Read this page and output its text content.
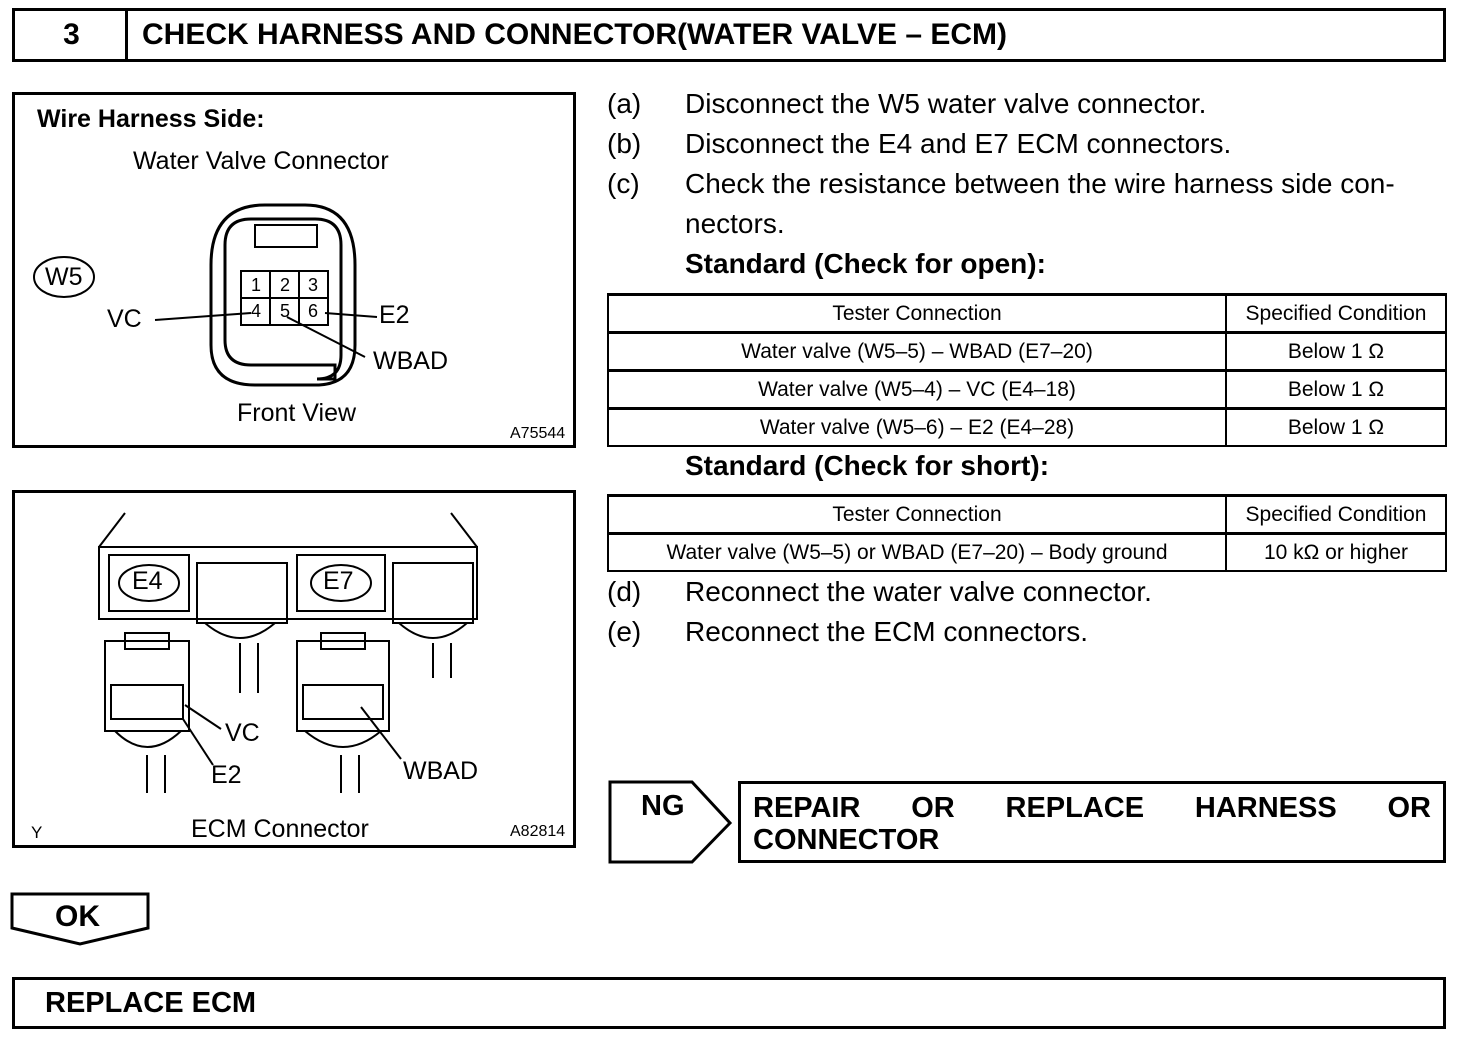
3	CHECK HARNESS AND CONNECTOR(WATER VALVE – ECM)
Wire Harness Side:
Water Valve Connector
W5	1 2 3
4 5 6
VC	E2
WBAD
Front View
A75544
E4	E7
VC
E2	WBAD
Y	ECM Connector	A82814
(a) Disconnect the W5 water valve connector.
(b) Disconnect the E4 and E7 ECM connectors.
(c) Check the resistance between the wire harness side con-
nectors.
Standard (Check for open):
Tester Connection	Specified Condition
Water valve (W5–5) – WBAD (E7–20)	Below 1 Ω
Water valve (W5–4) – VC (E4–18)	Below 1 Ω
Water valve (W5–6) – E2 (E4–28)	Below 1 Ω
Standard (Check for short):
Tester Connection	Specified Condition
Water valve (W5–5) or WBAD (E7–20) – Body ground	10 kΩ or higher
(d) Reconnect the water valve connector.
(e) Reconnect the ECM connectors.
NG REPAIR OR REPLACE HARNESS OR
CONNECTOR
OK
REPLACE ECM
